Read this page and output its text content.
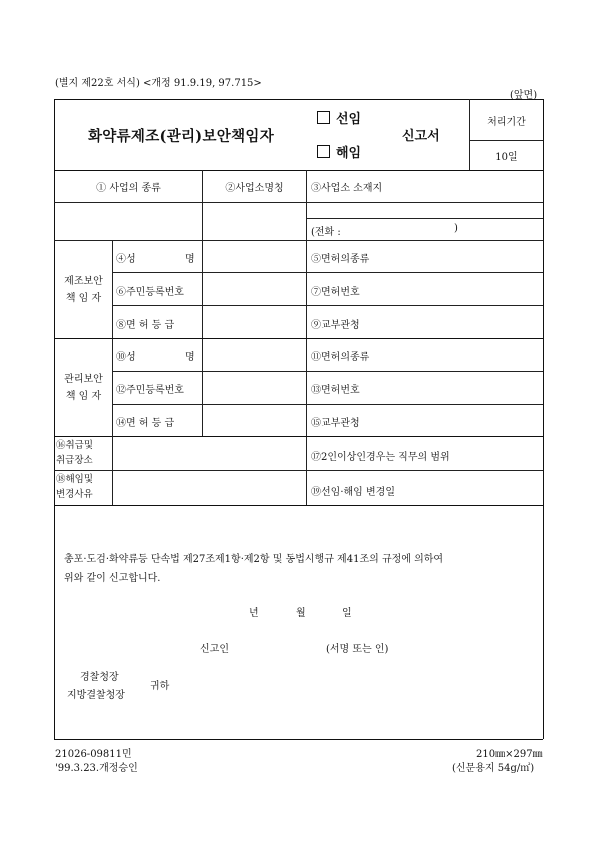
(별지 제22호 서식) <개정 91.9.19, 97.715>
(앞면)
화약류제조(관리)보안책임자
선임
해임
신고서
처리기간
10일
① 사업의 종류	②사업소명칭	③사업소 소재지
(전화 :	)
제조보안
책 임 자
④성	명	⑤면허의종류
⑥주민등록번호	⑦면허번호
⑧면 허 등 급	⑨교부관청
관리보안
책 임 자
⑩성	명	⑪면허의종류
⑫주민등록번호	⑬면허번호
⑭면 허 등 급	⑮교부관청
⑯취급및
취급장소	⑰2인이상인경우는 직무의 범위
⑱해임및
변경사유	⑲선임·해임 변경일
총포·도검·화약류등 단속법 제27조제1항·제2항 및 동법시행규 제41조의 규정에 의하여
위와 같이 신고합니다.
년	월	일
신고인	(서명 또는 인)
경찰청장
지방결찰청장
귀하
21026-09811민
'99.3.23.개정승인
210㎜×297㎜
(신문용지 54g/㎡)
